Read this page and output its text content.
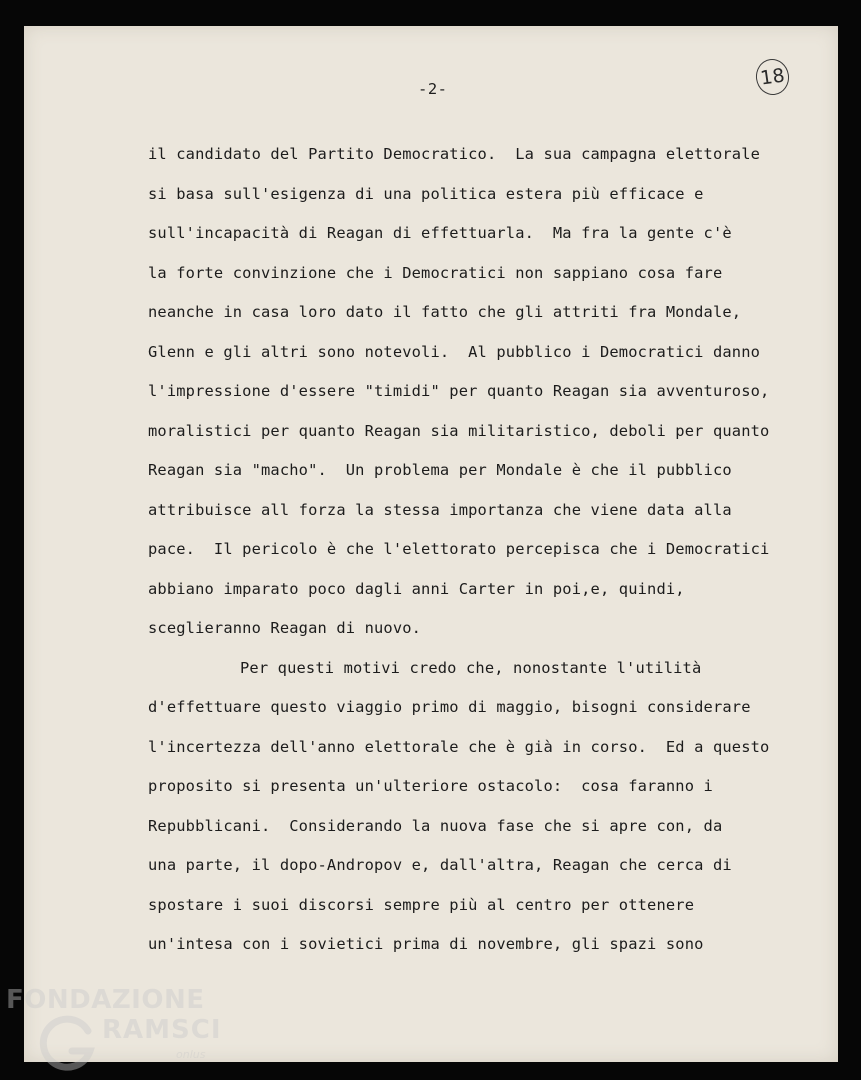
-2-	18
il candidato del Partito Democratico.  La sua campagna elettorale
si basa sull'esigenza di una politica estera più efficace e
sull'incapacità di Reagan di effettuarla.  Ma fra la gente c'è
la forte convinzione che i Democratici non sappiano cosa fare
neanche in casa loro dato il fatto che gli attriti fra Mondale,
Glenn e gli altri sono notevoli.  Al pubblico i Democratici danno
l'impressione d'essere "timidi" per quanto Reagan sia avventuroso,
moralistici per quanto Reagan sia militaristico, deboli per quanto
Reagan sia "macho".  Un problema per Mondale è che il pubblico
attribuisce all forza la stessa importanza che viene data alla
pace.  Il pericolo è che l'elettorato percepisca che i Democratici
abbiano imparato poco dagli anni Carter in poi,e, quindi,
sceglieranno Reagan di nuovo.
Per questi motivi credo che, nonostante l'utilità
d'effettuare questo viaggio primo di maggio, bisogni considerare
l'incertezza dell'anno elettorale che è già in corso.  Ed a questo
proposito si presenta un'ulteriore ostacolo:  cosa faranno i
Repubblicani.  Considerando la nuova fase che si apre con, da
una parte, il dopo-Andropov e, dall'altra, Reagan che cerca di
spostare i suoi discorsi sempre più al centro per ottenere
un'intesa con i sovietici prima di novembre, gli spazi sono
FONDAZIONE
RAMSCI
onlus
